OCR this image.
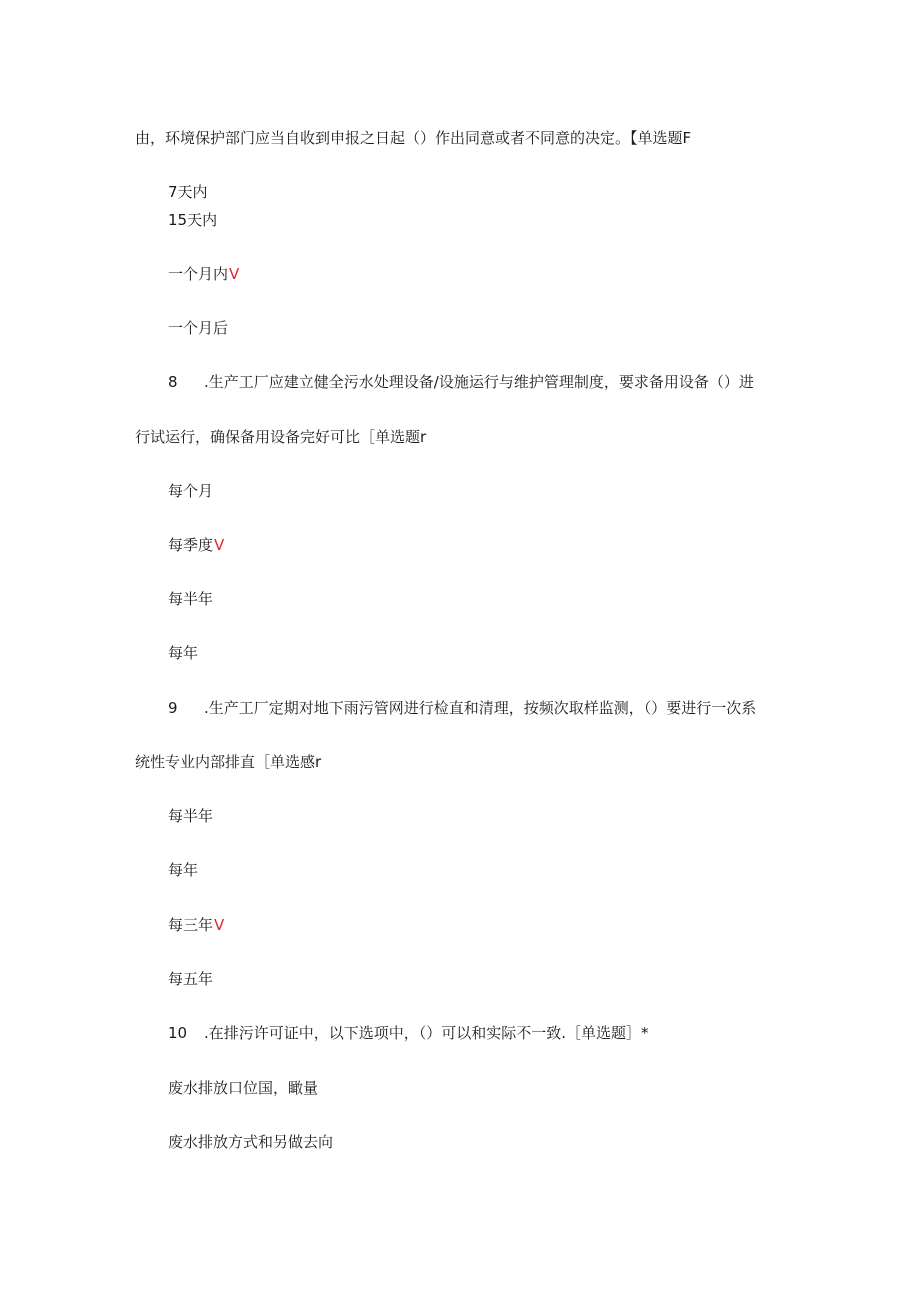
由，环境保护部门应当自收到申报之日起（）作出同意或者不同意的决定。【单选题F
7天内
15天内
一个月内V
一个月后
8 .生产工厂应建立健全污水处理设备/设施运行与维护管理制度，要求备用设备（）进
行试运行，确保备用设备完好可比［单选题r
每个月
每季度V
每半年
每年
9 .生产工厂定期对地下雨污管网进行检直和清理，按频次取样监测，（）要进行一次系
统性专业内部排直［单选感r
每半年
每年
每三年V
每五年
10 .在排污许可证中，以下选项中，（）可以和实际不一致.［单选题］*
废水排放口位国，瞰量
废水排放方式和另做去向
